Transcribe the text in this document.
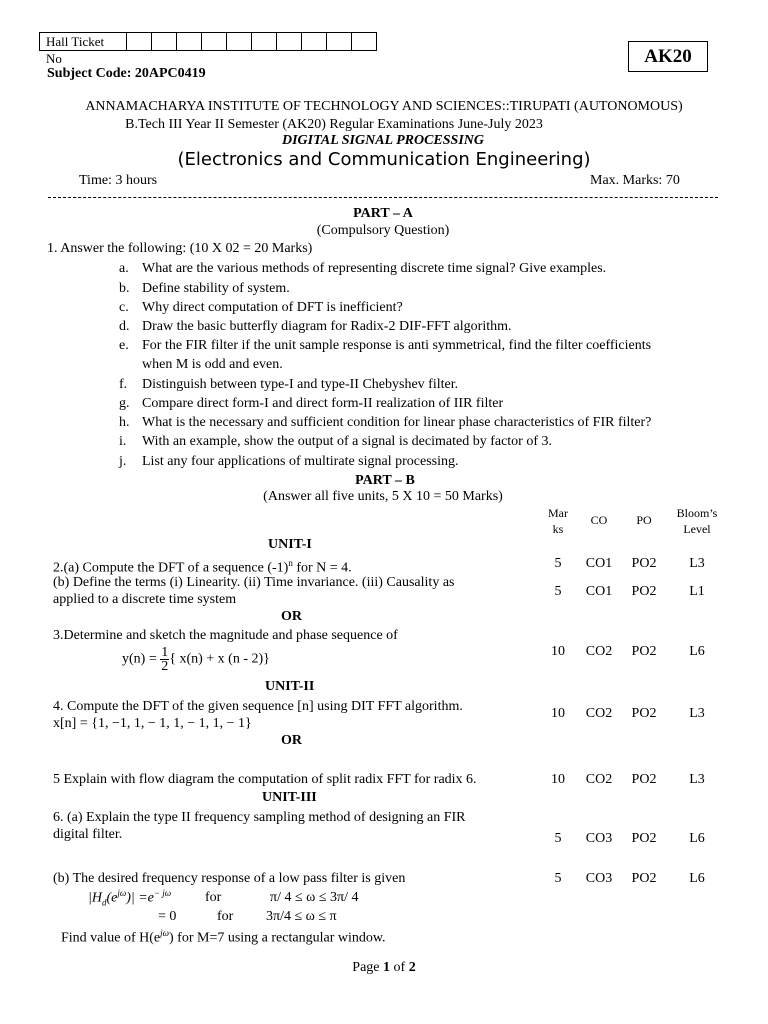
Hall Ticket No	AK20
Subject Code: 20APC0419
ANNAMACHARYA INSTITUTE OF TECHNOLOGY AND SCIENCES::TIRUPATI (AUTONOMOUS)
B.Tech III Year II Semester (AK20) Regular Examinations June-July 2023
DIGITAL SIGNAL PROCESSING
(Electronics and Communication Engineering)
Time: 3 hours	Max. Marks: 70
PART – A
(Compulsory Question)
1. Answer the following: (10 X 02 = 20 Marks)
a. What are the various methods of representing discrete time signal? Give examples.
b. Define stability of system.
c. Why direct computation of DFT is inefficient?
d. Draw the basic butterfly diagram for Radix-2 DIF-FFT algorithm.
e. For the FIR filter if the unit sample response is anti symmetrical, find the filter coefficients
when M is odd and even.
f. Distinguish between type-I and type-II Chebyshev filter.
g. Compare direct form-I and direct form-II realization of IIR filter
h. What is the necessary and sufficient condition for linear phase characteristics of FIR filter?
i. With an example, show the output of a signal is decimated by factor of 3.
j. List any four applications of multirate signal processing.
PART – B
(Answer all five units, 5 X 10 = 50 Marks)
Mar
ks
CO	PO	Bloom’s
Level
UNIT-I
2.(a) Compute the DFT of a sequence $(-1)^n$ for N = 4.
(b) Define the terms (i) Linearity. (ii) Time invariance. (iii) Causality as
applied to a discrete time system
5	CO1	PO2	L3
5	CO1	PO2	L1
OR
3.Determine and sketch the magnitude and phase sequence of
$y(n) = \frac{1}{2}$ { x(n) + x (n - 2)}
10	CO2	PO2	L6
UNIT-II
4. Compute the DFT of the given sequence [n] using DIT FFT algorithm.
x[n] = {1, −1, 1, − 1, 1, − 1, 1, − 1}
10	CO2	PO2	L3
OR
5 Explain with flow diagram the computation of split radix FFT for radix 6.	10	CO2	PO2	L3
UNIT-III
6. (a) Explain the type II frequency sampling method of designing an FIR
digital filter.	5	CO3	PO2	L6
(b) The desired frequency response of a low pass filter is given	5	CO3	PO2	L6
$|H_d(e^{j\omega})| =e^{- j\omega}$ for	π/ 4 ≤ ω ≤ 3π/ 4
= 0	for 3π/4 ≤ ω ≤ π
Find value of $H(e^{j\omega})$ for M=7 using a rectangular window.
Page 1 of 2
